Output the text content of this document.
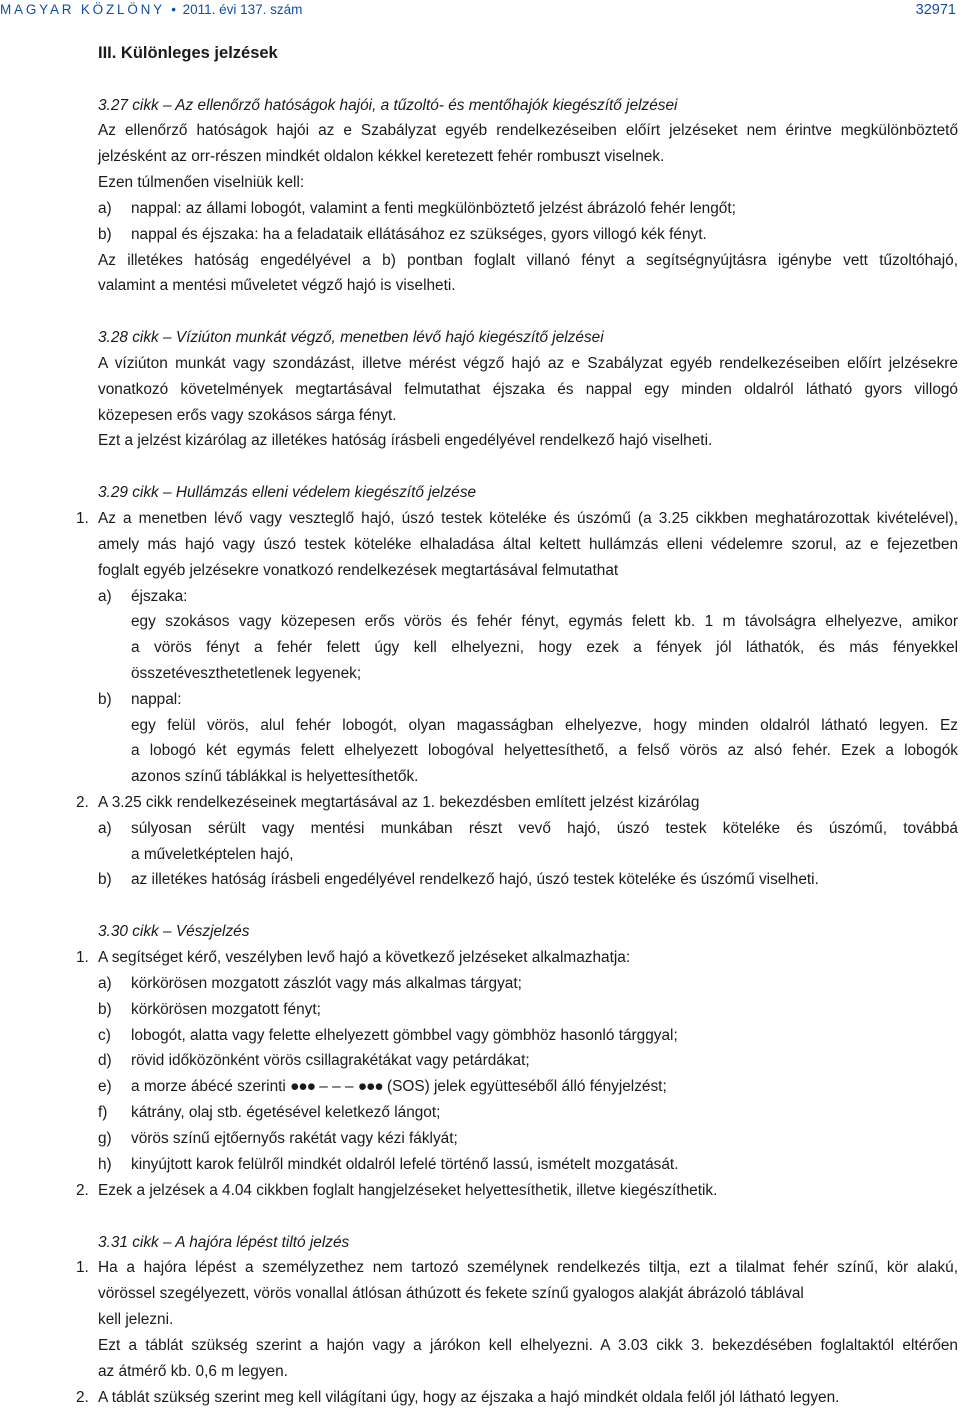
MAGYAR KÖZLÖNY • 2011. évi 137. szám	32971
III. Különleges jelzések
3.27 cikk – Az ellenőrző hatóságok hajói, a tűzoltó- és mentőhajók kiegészítő jelzései
Az ellenőrző hatóságok hajói az e Szabályzat egyéb rendelkezéseiben előírt jelzéseket nem érintve megkülönböztető
jelzésként az orr-részen mindkét oldalon kékkel keretezett fehér rombuszt viselnek.
Ezen túlmenően viselniük kell:
a) nappal: az állami lobogót, valamint a fenti megkülönböztető jelzést ábrázoló fehér lengőt;
b) nappal és éjszaka: ha a feladataik ellátásához ez szükséges, gyors villogó kék fényt.
Az illetékes hatóság engedélyével a b) pontban foglalt villanó fényt a segítségnyújtásra igénybe vett tűzoltóhajó,
valamint a mentési műveletet végző hajó is viselheti.
3.28 cikk – Víziúton munkát végző, menetben lévő hajó kiegészítő jelzései
A víziúton munkát vagy szondázást, illetve mérést végző hajó az e Szabályzat egyéb rendelkezéseiben előírt jelzésekre
vonatkozó követelmények megtartásával felmutathat éjszaka és nappal egy minden oldalról látható gyors villogó
közepesen erős vagy szokásos sárga fényt.
Ezt a jelzést kizárólag az illetékes hatóság írásbeli engedélyével rendelkező hajó viselheti.
3.29 cikk – Hullámzás elleni védelem kiegészítő jelzése
1. Az a menetben lévő vagy veszteglő hajó, úszó testek köteléke és úszómű (a 3.25 cikkben meghatározottak kivételével),
amely más hajó vagy úszó testek köteléke elhaladása által keltett hullámzás elleni védelemre szorul, az e fejezetben
foglalt egyéb jelzésekre vonatkozó rendelkezések megtartásával felmutathat
a) éjszaka:
egy szokásos vagy közepesen erős vörös és fehér fényt, egymás felett kb. 1 m távolságra elhelyezve, amikor
a vörös fényt a fehér felett úgy kell elhelyezni, hogy ezek a fények jól láthatók, és más fényekkel
összetéveszthetetlenek legyenek;
b) nappal:
egy felül vörös, alul fehér lobogót, olyan magasságban elhelyezve, hogy minden oldalról látható legyen. Ez
a lobogó két egymás felett elhelyezett lobogóval helyettesíthető, a felső vörös az alsó fehér. Ezek a lobogók
azonos színű táblákkal is helyettesíthetők.
2. A 3.25 cikk rendelkezéseinek megtartásával az 1. bekezdésben említett jelzést kizárólag
a) súlyosan sérült vagy mentési munkában részt vevő hajó, úszó testek köteléke és úszómű, továbbá
a műveletképtelen hajó,
b) az illetékes hatóság írásbeli engedélyével rendelkező hajó, úszó testek köteléke és úszómű viselheti.
3.30 cikk – Vészjelzés
1. A segítséget kérő, veszélyben levő hajó a következő jelzéseket alkalmazhatja:
a) körkörösen mozgatott zászlót vagy más alkalmas tárgyat;
b) körkörösen mozgatott fényt;
c) lobogót, alatta vagy felette elhelyezett gömbbel vagy gömbhöz hasonló tárggyal;
d) rövid időközönként vörös csillagrakétákat vagy petárdákat;
e) a morze ábécé szerinti ●●● – – – ●●● (SOS) jelek együtteséből álló fényjelzést;
f) kátrány, olaj stb. égetésével keletkező lángot;
g) vörös színű ejtőernyős rakétát vagy kézi fáklyát;
h) kinyújtott karok felülről mindkét oldalról lefelé történő lassú, ismételt mozgatását.
2. Ezek a jelzések a 4.04 cikkben foglalt hangjelzéseket helyettesíthetik, illetve kiegészíthetik.
3.31 cikk – A hajóra lépést tiltó jelzés
1. Ha a hajóra lépést a személyzethez nem tartozó személynek rendelkezés tiltja, ezt a tilalmat fehér színű, kör alakú,
vörössel szegélyezett, vörös vonallal átlósan áthúzott és fekete színű gyalogos alakját ábrázoló táblával
kell jelezni.
Ezt a táblát szükség szerint a hajón vagy a járókon kell elhelyezni. A 3.03 cikk 3. bekezdésében foglaltaktól eltérően
az átmérő kb. 0,6 m legyen.
2. A táblát szükség szerint meg kell világítani úgy, hogy az éjszaka a hajó mindkét oldala felől jól látható legyen.
